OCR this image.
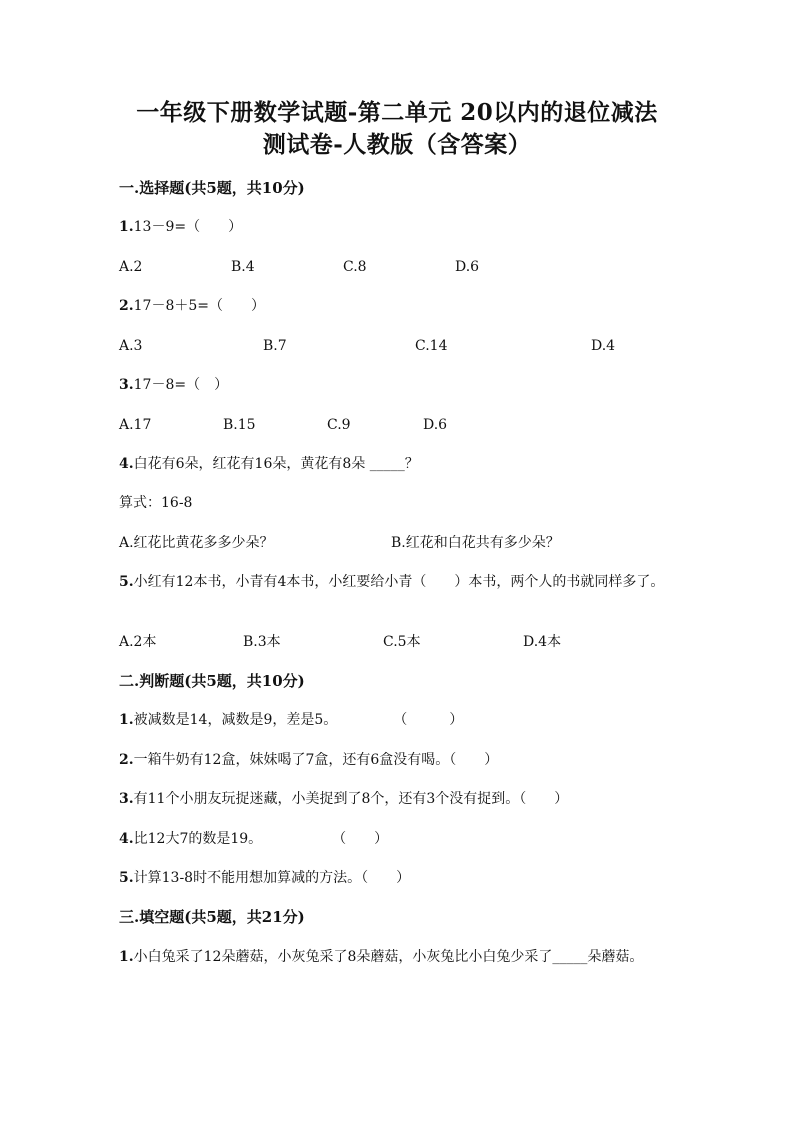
一年级下册数学试题-第二单元 20以内的退位减法
测试卷-人教版（含答案）
一.选择题(共5题，共10分)
1.13－9=（　　）
A.2	B.4	C.8	D.6
2.17－8＋5=（　　）
A.3	B.7	C.14	D.4
3.17－8=（　）
A.17	B.15	C.9	D.6
4.白花有6朵，红花有16朵，黄花有8朵 _____？
算式：16-8
A.红花比黄花多多少朵？	B.红花和白花共有多少朵？
5.小红有12本书，小青有4本书，小红要给小青（　　）本书，两个人的书就同样多了。
A.2本	B.3本	C.5本	D.4本
二.判断题(共5题，共10分)
1.被减数是14，减数是9，差是5。　　　　　（　　　）
2.一箱牛奶有12盒，妹妹喝了7盒，还有6盒没有喝。（　　）
3.有11个小朋友玩捉迷藏，小美捉到了8个，还有3个没有捉到。（　　）
4.比12大7的数是19。　　　　　　（　　）
5.计算13-8时不能用想加算减的方法。（　　）
三.填空题(共5题，共21分)
1.小白兔采了12朵蘑菇，小灰兔采了8朵蘑菇，小灰兔比小白兔少采了_____朵蘑菇。
